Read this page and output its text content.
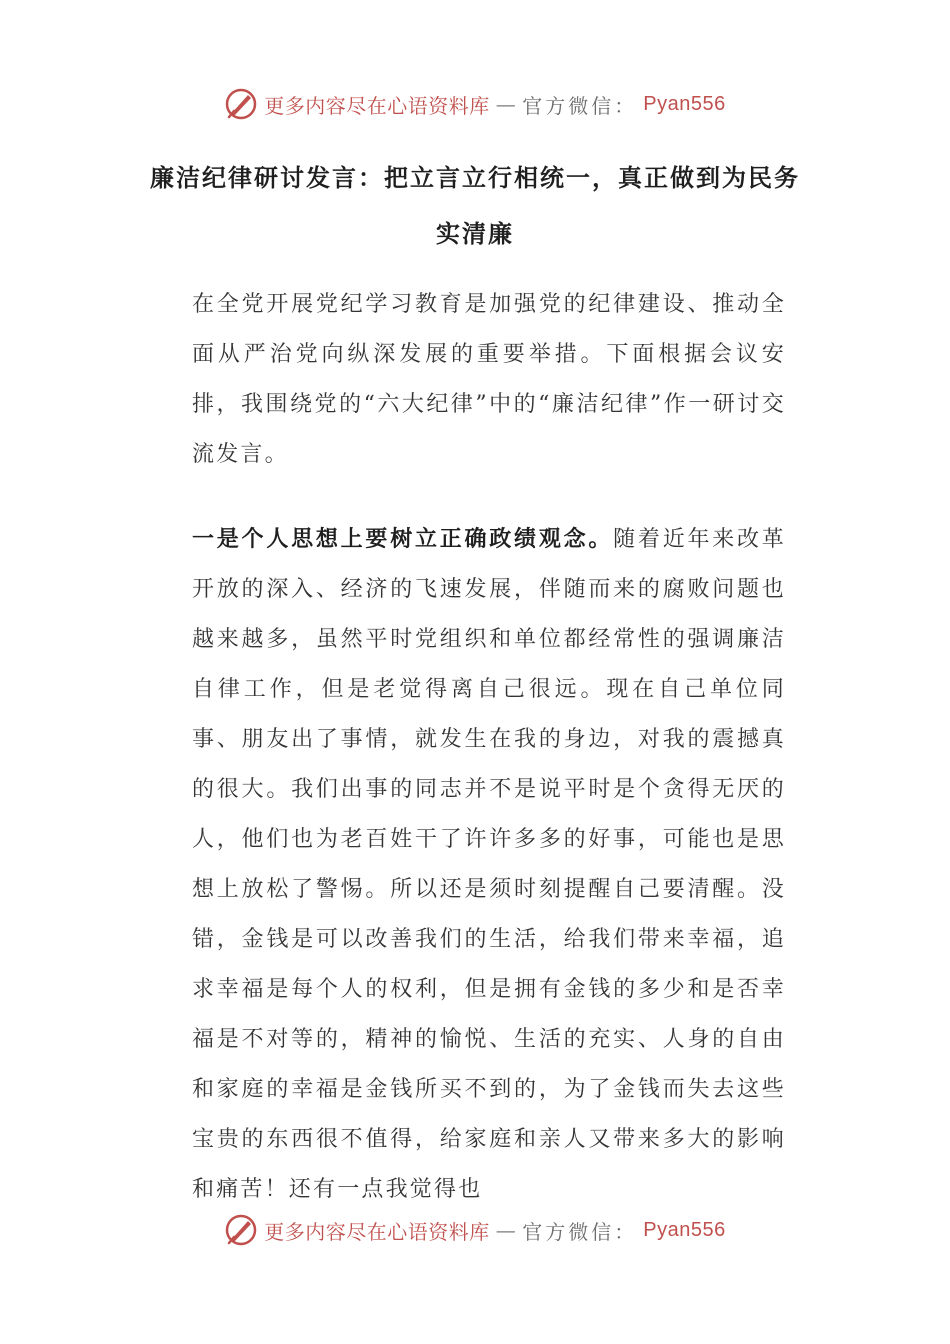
更多内容尽在心语资料库 — 官方微信： Pyan556
廉洁纪律研讨发言：把立言立行相统一，真正做到为民务实清廉
在全党开展党纪学习教育是加强党的纪律建设、推动全面从严治党向纵深发展的重要举措。下面根据会议安排，我围绕党的“六大纪律”中的“廉洁纪律”作一研讨交流发言。
一是个人思想上要树立正确政绩观念。随着近年来改革开放的深入、经济的飞速发展，伴随而来的腐败问题也越来越多，虽然平时党组织和单位都经常性的强调廉洁自律工作，但是老觉得离自己很远。现在自己单位同事、朋友出了事情，就发生在我的身边，对我的震撼真的很大。我们出事的同志并不是说平时是个贪得无厌的人，他们也为老百姓干了许许多多的好事，可能也是思想上放松了警惕。所以还是须时刻提醒自己要清醒。没错，金钱是可以改善我们的生活，给我们带来幸福，追求幸福是每个人的权利，但是拥有金钱的多少和是否幸福是不对等的，精神的愉悦、生活的充实、人身的自由和家庭的幸福是金钱所买不到的，为了金钱而失去这些宝贵的东西很不值得，给家庭和亲人又带来多大的影响和痛苦！还有一点我觉得也
更多内容尽在心语资料库 — 官方微信： Pyan556
